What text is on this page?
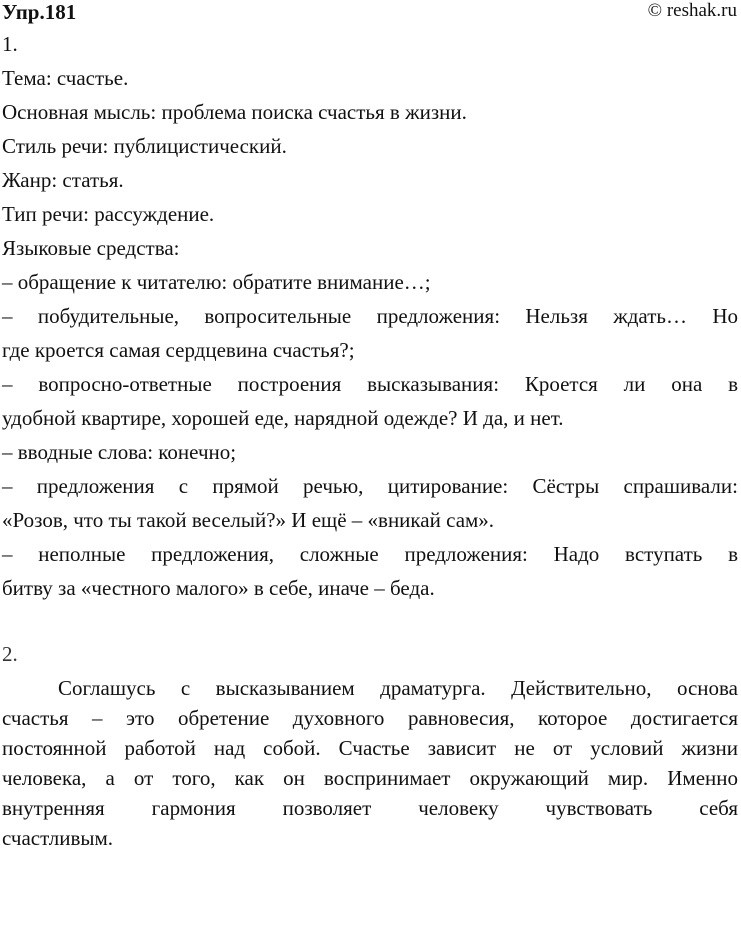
Упр.181	© reshak.ru
1.
Тема: счастье.
Основная мысль: проблема поиска счастья в жизни.
Стиль речи: публицистический.
Жанр: статья.
Тип речи: рассуждение.
Языковые средства:
– обращение к читателю: обратите внимание…;
– побудительные, вопросительные предложения: Нельзя ждать… Но
где кроется самая сердцевина счастья?;
– вопросно-ответные построения высказывания: Кроется ли она в
удобной квартире, хорошей еде, нарядной одежде? И да, и нет.
– вводные слова: конечно;
– предложения с прямой речью, цитирование: Сёстры спрашивали:
«Розов, что ты такой веселый?» И ещё – «вникай сам».
– неполные предложения, сложные предложения: Надо вступать в
битву за «честного малого» в себе, иначе – беда.
2.
Соглашусь с высказыванием драматурга. Действительно, основа
счастья – это обретение духовного равновесия, которое достигается
постоянной работой над собой. Счастье зависит не от условий жизни
человека, а от того, как он воспринимает окружающий мир. Именно
внутренняя гармония позволяет человеку чувствовать себя
счастливым.
